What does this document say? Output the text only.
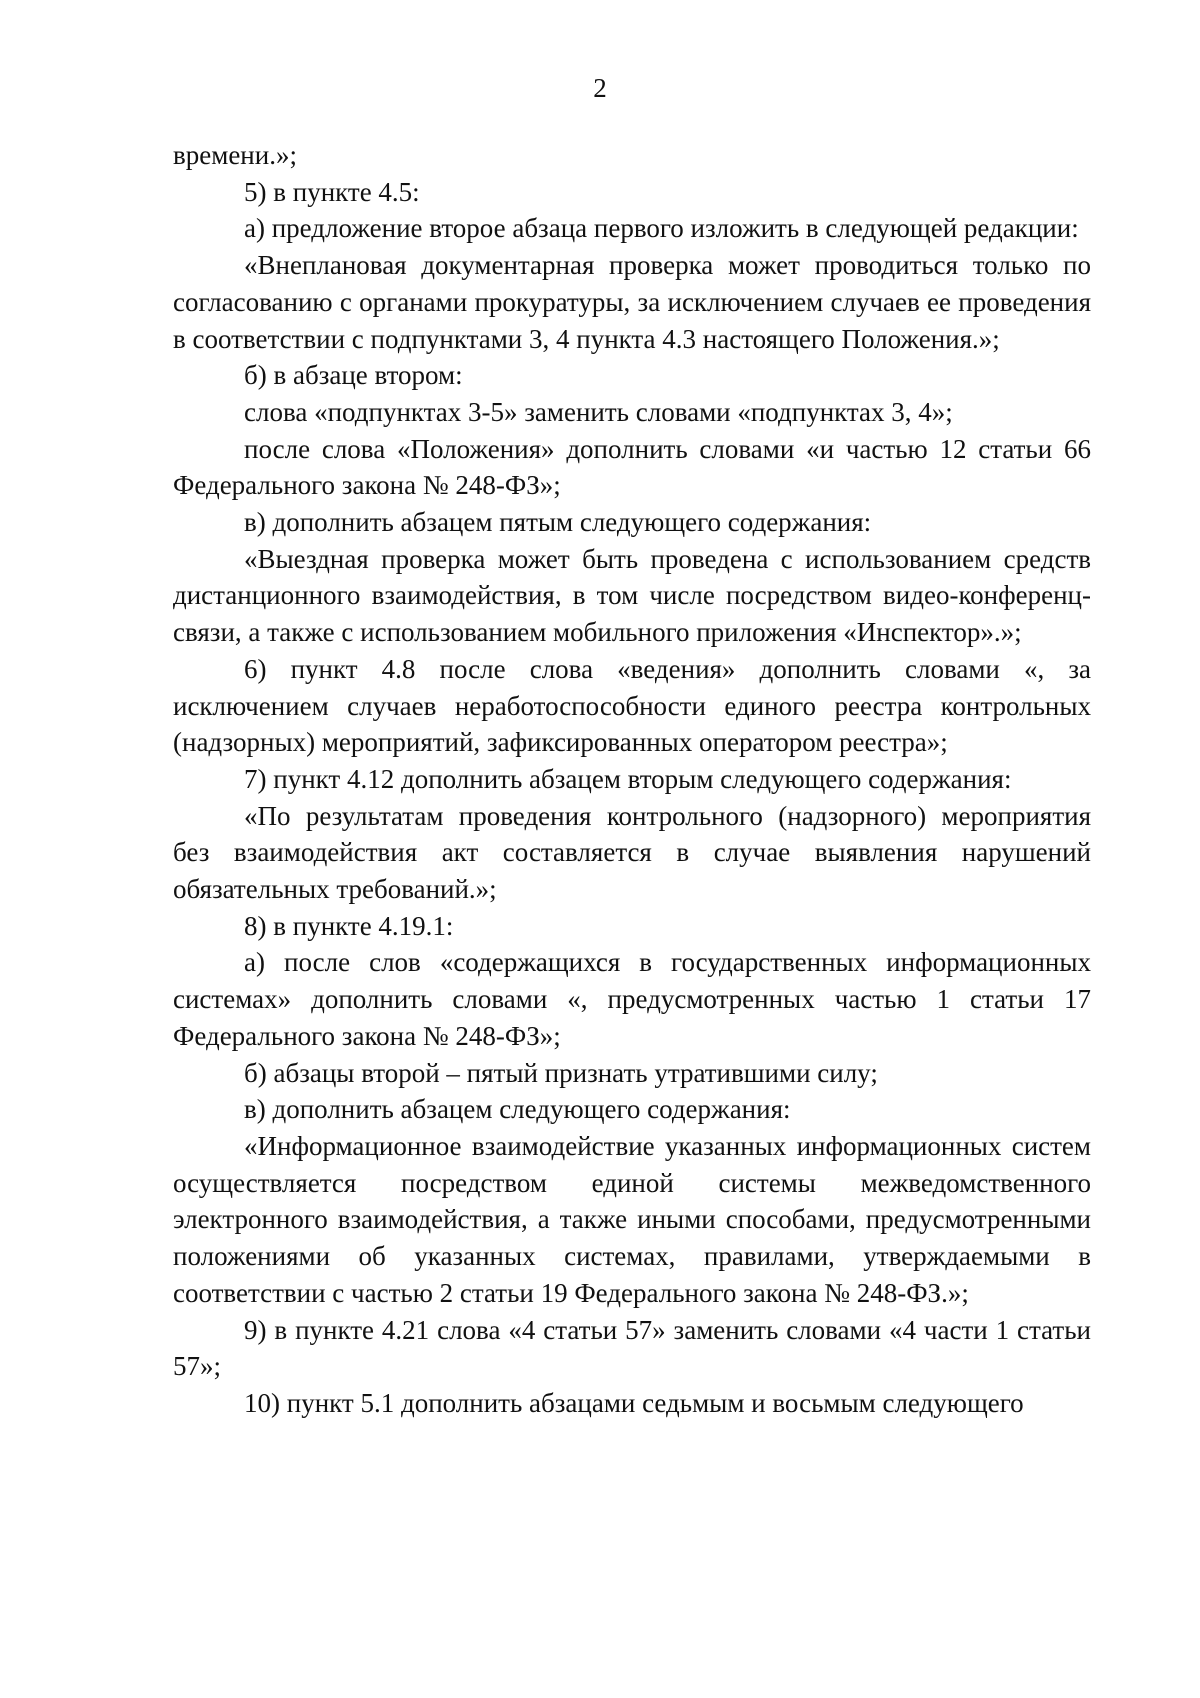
2

времени.»;

5) в пункте 4.5:

а) предложение второе абзаца первого изложить в следующей редакции:

«Внеплановая документарная проверка может проводиться только по согласованию с органами прокуратуры, за исключением случаев ее проведения в соответствии с подпунктами 3, 4 пункта 4.3 настоящего Положения.»;

б) в абзаце втором:

слова «подпунктах 3-5» заменить словами «подпунктах 3, 4»;

после слова «Положения» дополнить словами «и частью 12 статьи 66 Федерального закона № 248-ФЗ»;

в) дополнить абзацем пятым следующего содержания:

«Выездная проверка может быть проведена с использованием средств дистанционного взаимодействия, в том числе посредством видео-конференц-связи, а также с использованием мобильного приложения «Инспектор».»;

6) пункт 4.8 после слова «ведения» дополнить словами «, за исключением случаев неработоспособности единого реестра контрольных (надзорных) мероприятий, зафиксированных оператором реестра»;

7) пункт 4.12 дополнить абзацем вторым следующего содержания:

«По результатам проведения контрольного (надзорного) мероприятия без взаимодействия акт составляется в случае выявления нарушений обязательных требований.»;

8) в пункте 4.19.1:

а) после слов «содержащихся в государственных информационных системах» дополнить словами «, предусмотренных частью 1 статьи 17 Федерального закона № 248-ФЗ»;

б) абзацы второй – пятый признать утратившими силу;

в) дополнить абзацем следующего содержания:

«Информационное взаимодействие указанных информационных систем осуществляется посредством единой системы межведомственного электронного взаимодействия, а также иными способами, предусмотренными положениями об указанных системах, правилами, утверждаемыми в соответствии с частью 2 статьи 19 Федерального закона № 248-ФЗ.»;

9) в пункте 4.21 слова «4 статьи 57» заменить словами «4 части 1 статьи 57»;

10) пункт 5.1 дополнить абзацами седьмым и восьмым следующего
